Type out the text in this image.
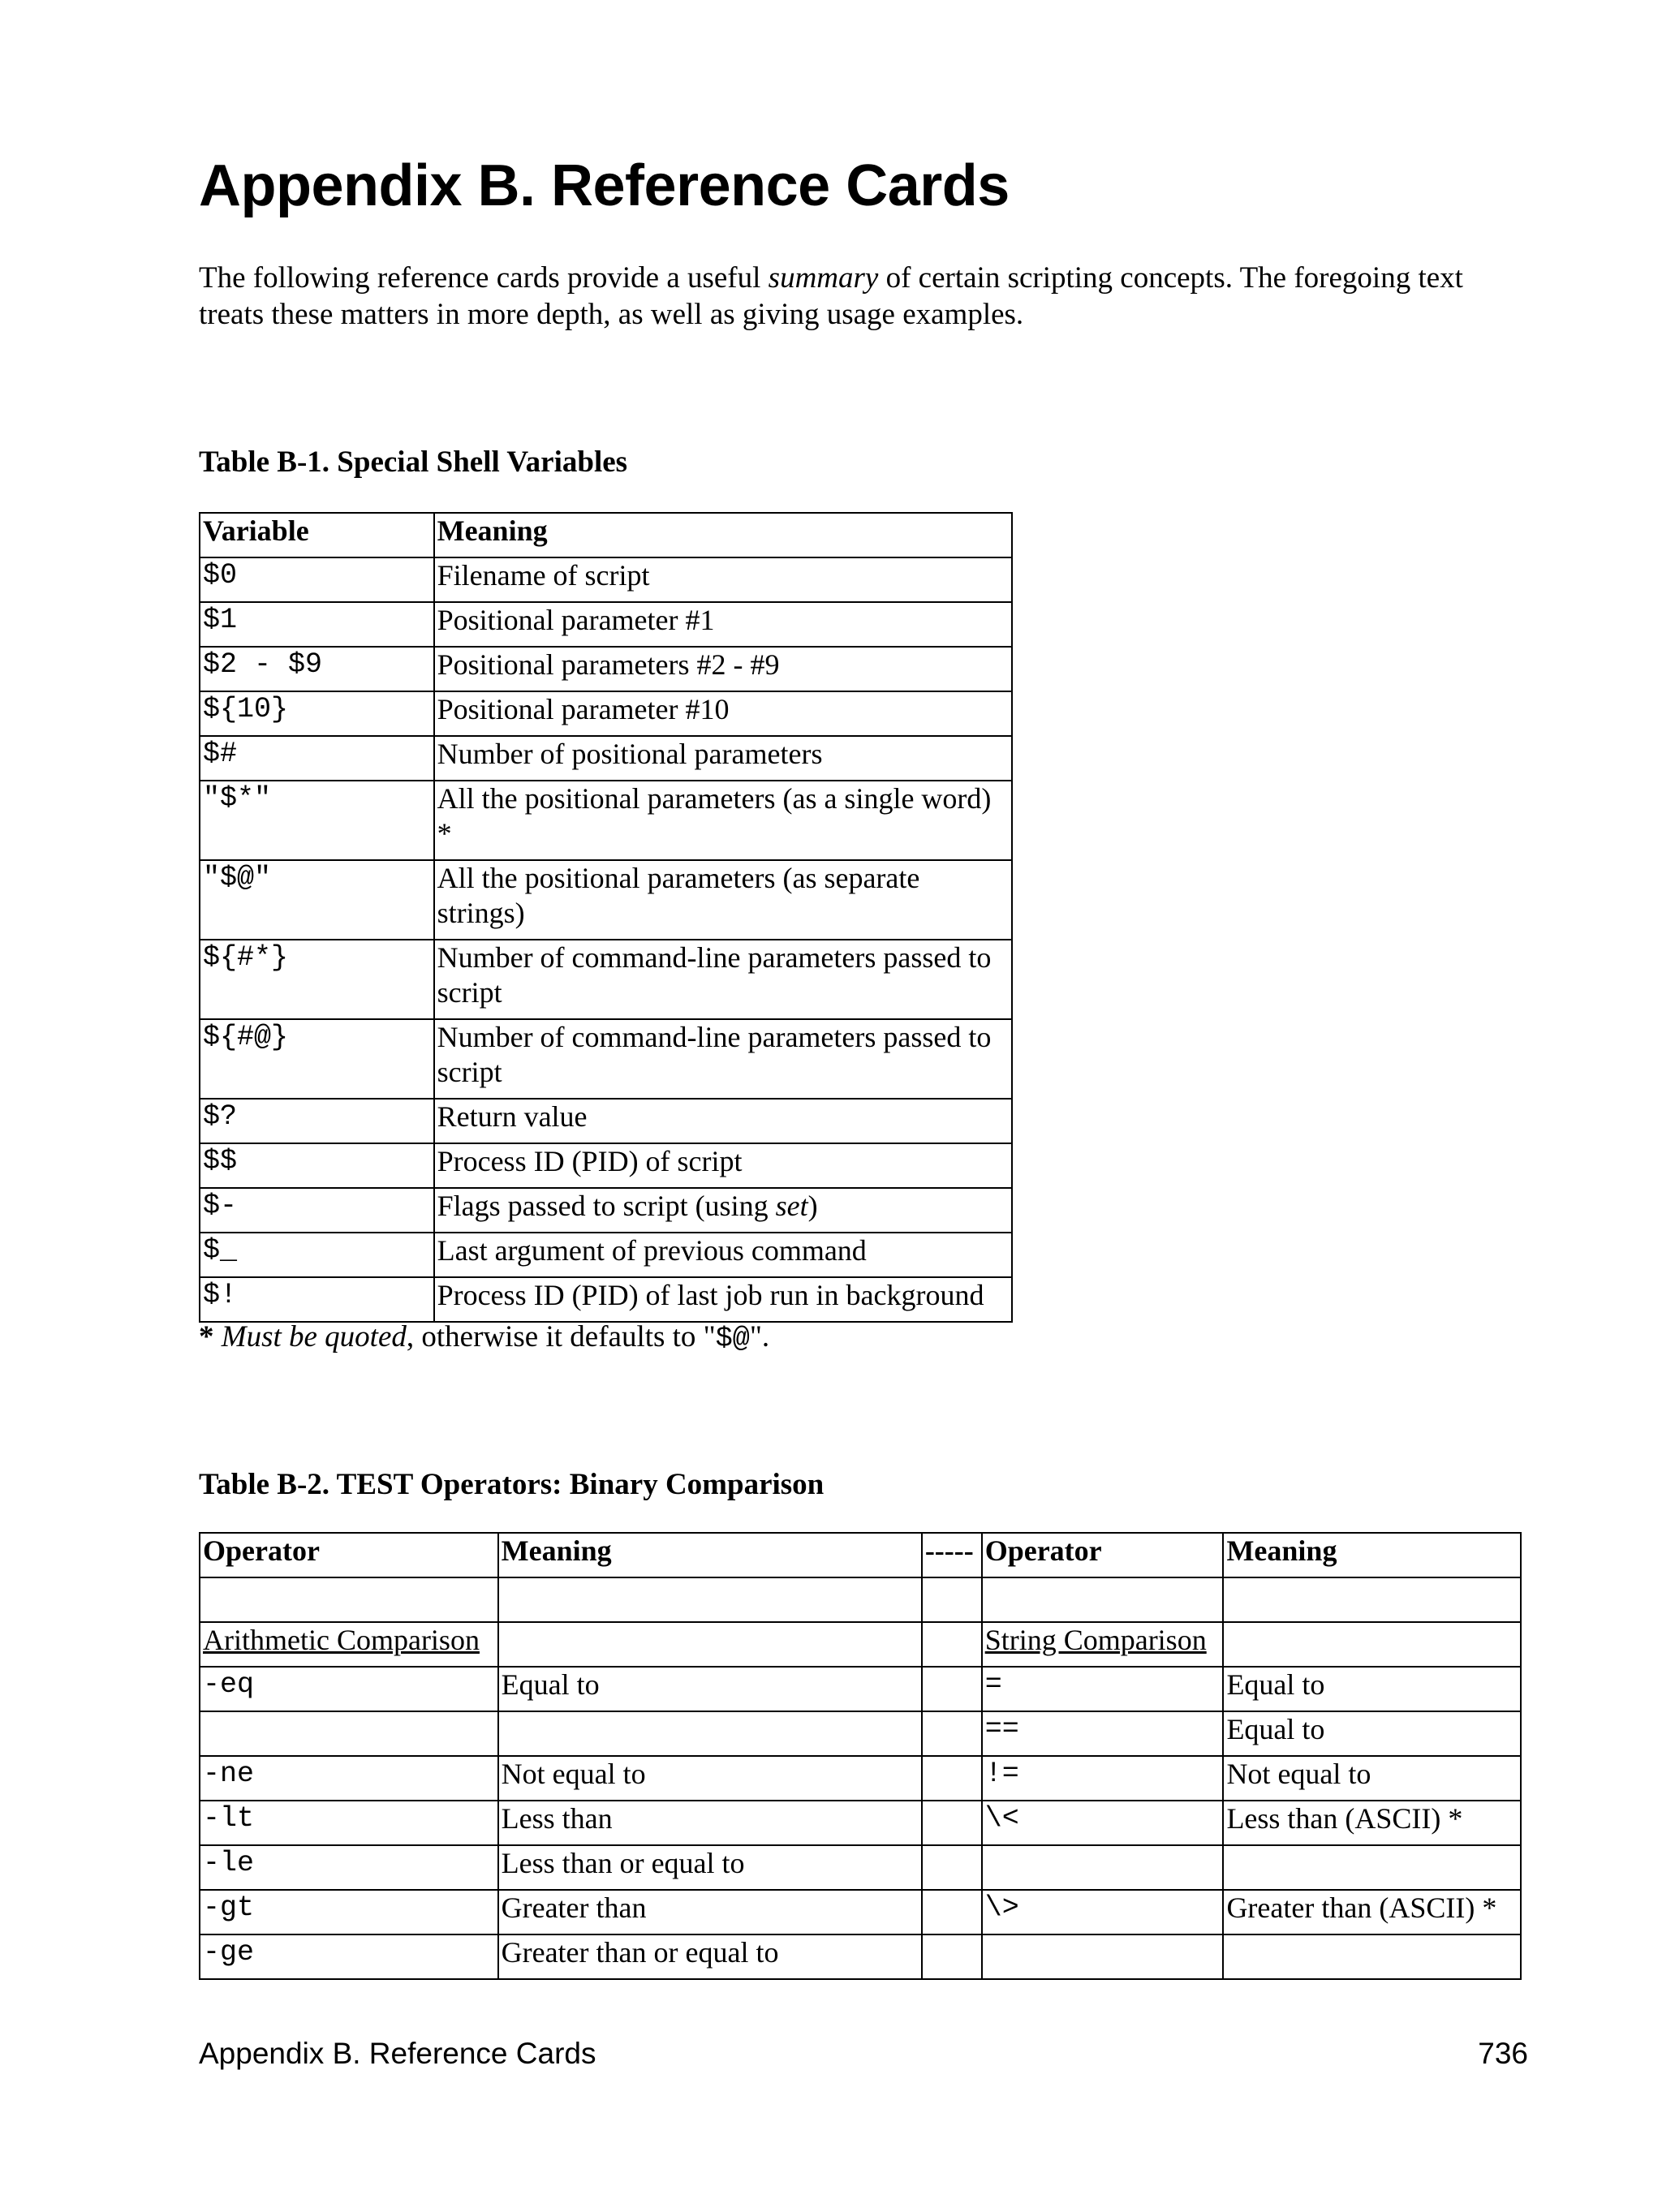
Appendix B. Reference Cards

The following reference cards provide a useful summary of certain scripting concepts. The foregoing text treats these matters in more depth, as well as giving usage examples.

Table B-1. Special Shell Variables

Variable	Meaning
$0	Filename of script
$1	Positional parameter #1
$2 - $9	Positional parameters #2 - #9
${10}	Positional parameter #10
$#	Number of positional parameters
"$*"	All the positional parameters (as a single word) *
"$@"	All the positional parameters (as separate strings)
${#*}	Number of command-line parameters passed to script
${#@}	Number of command-line parameters passed to script
$?	Return value
$$	Process ID (PID) of script
$-	Flags passed to script (using set)
$_	Last argument of previous command
$!	Process ID (PID) of last job run in background

* Must be quoted, otherwise it defaults to "$@".

Table B-2. TEST Operators: Binary Comparison

Operator	Meaning	-----	Operator	Meaning

Arithmetic Comparison			String Comparison	
-eq	Equal to		=	Equal to
			==	Equal to
-ne	Not equal to		!=	Not equal to
-lt	Less than		\<	Less than (ASCII) *
-le	Less than or equal to			
-gt	Greater than		\>	Greater than (ASCII) *
-ge	Greater than or equal to			
Appendix B. Reference Cards	736
